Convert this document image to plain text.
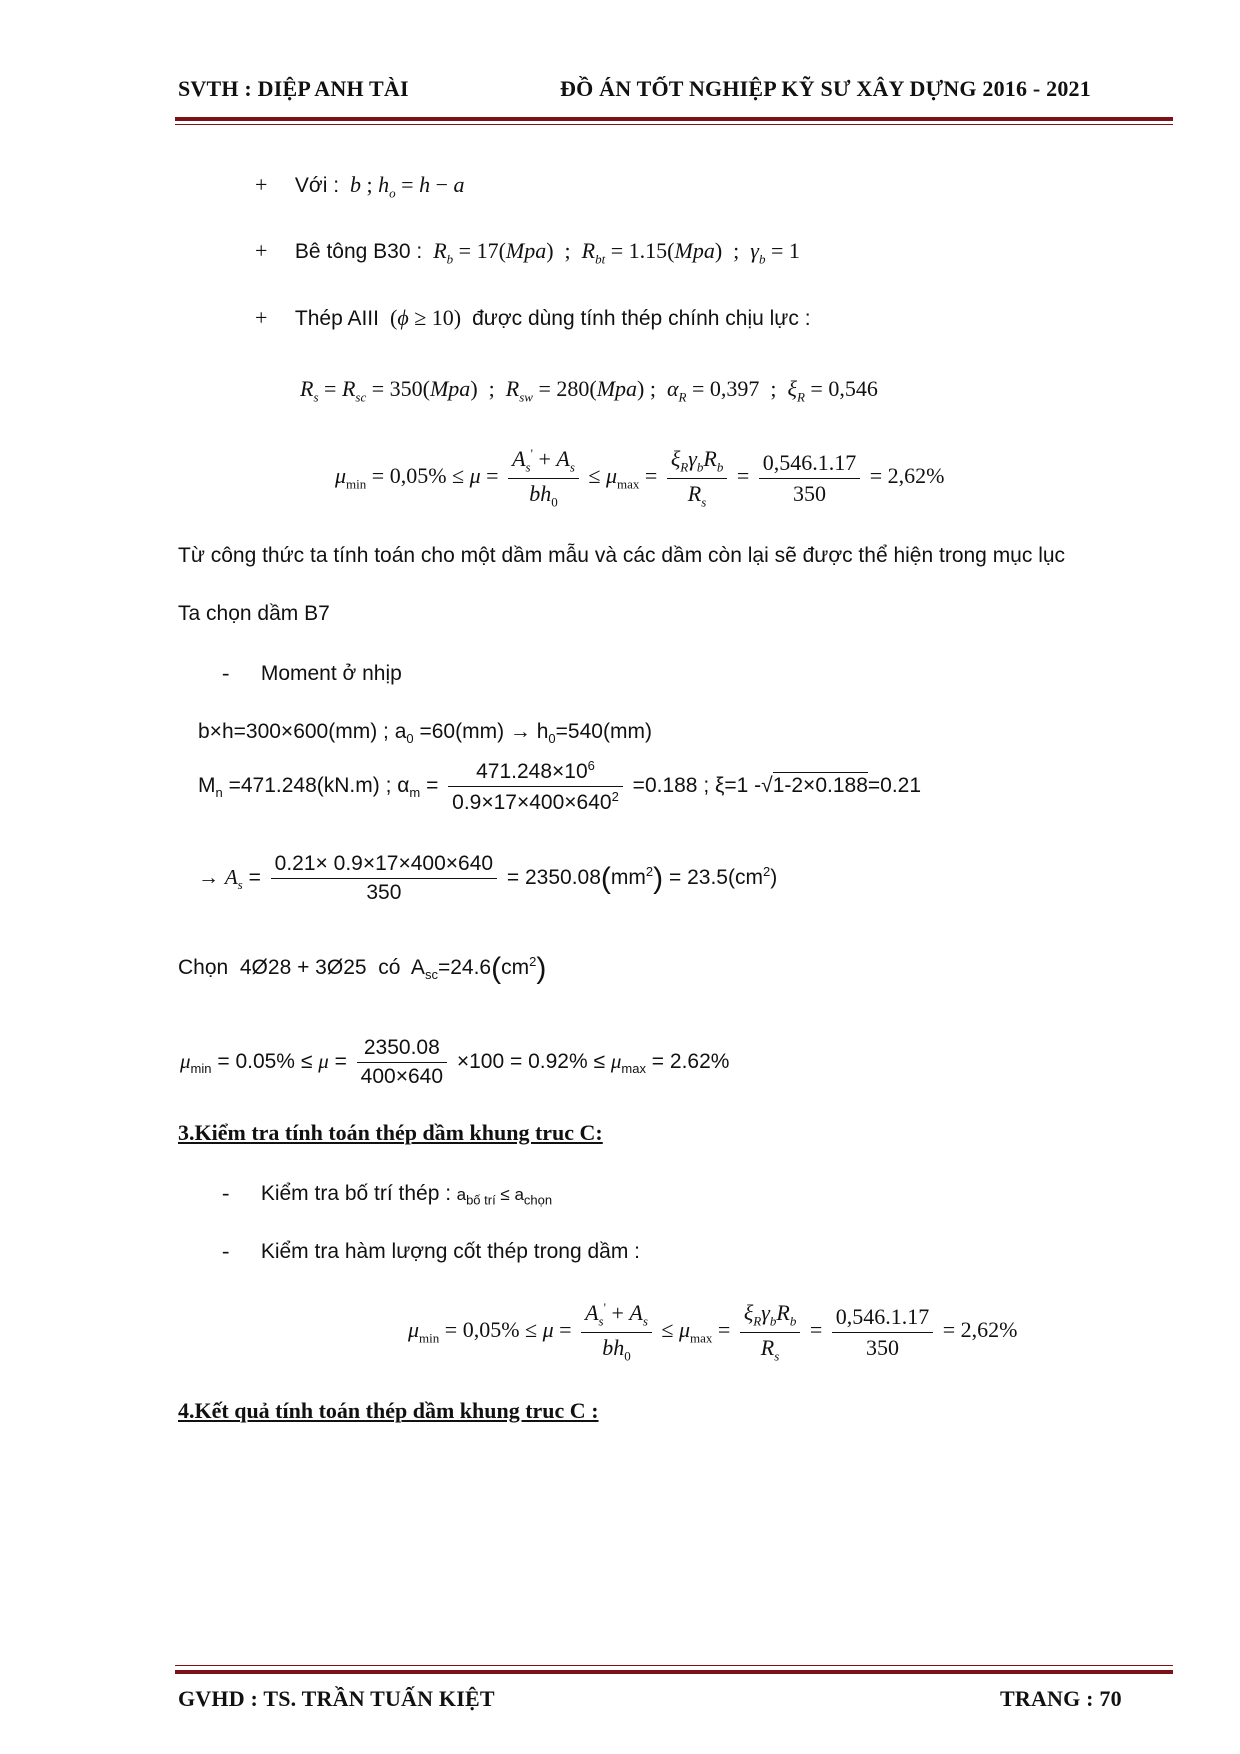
SVTH : DIỆP ANH TÀI	ĐỒ ÁN TỐT NGHIỆP KỸ SƯ XÂY DỰNG 2016 - 2021
+ Với :  b ; $h_o = h - a$
+ Bê tông B30 : $R_b = 17(Mpa)$  ;  $R_{bt} = 1.15(Mpa)$  ;  $\gamma_b = 1$
+ Thép AIII  (ϕ ≥ 10)  được dùng tính thép chính chịu lực :
$R_s = R_{sc} = 350(Mpa)$  ;  $R_{sw} = 280(Mpa)$ ;  $\alpha_R = 0,397$  ;  $\xi_R = 0,546$
$\mu_{min} = 0,05\% \le \mu = \frac{A_s' + A_s}{bh_0} \le \mu_{max} = \frac{\xi_R\gamma_bR_b}{R_s} = \frac{0,546.1.17}{350} = 2,62\%$
Từ công thức ta tính toán cho một dầm mẫu và các dầm còn lại sẽ được thể hiện trong mục lục
Ta chọn dầm B7
- Moment ở nhịp
b×h=300×600(mm) ; $a_0 =60(mm) \to h_0=540(mm)$
$M_n =471.248(kN.m)$ ; $\alpha_m = \frac{471.248\times 10^6}{0.9\times 17\times 400\times 640^2} =0.188$ ; ξ=1 -√1-2×0.188=0.21
→ $A_s = \frac{0.21\times 0.9\times 17\times 400\times 640}{350} = 2350.08(mm^2) = 23.5(cm^2)$
Chọn 4Ø28 + 3Ø25 có  $A_{sc}=24.6(cm^2)$
$\mu_{min} = 0.05\% \le \mu = \frac{2350.08}{400\times 640} \times 100 = 0.92\% \le \mu_{max} = 2.62\%$
3.Kiểm tra tính toán thép dầm khung truc C:
- Kiểm tra bố trí thép : $a_{bố trí} \le a_{chọn}$
- Kiểm tra hàm lượng cốt thép trong dầm :
$\mu_{min} = 0,05\% \le \mu = \frac{A_s' + A_s}{bh_0} \le \mu_{max} = \frac{\xi_R\gamma_bR_b}{R_s} = \frac{0,546.1.17}{350} = 2,62\%$
4.Kết quả tính toán thép dầm khung truc C :
GVHD : TS. TRẦN TUẤN KIỆT	TRANG : 70
